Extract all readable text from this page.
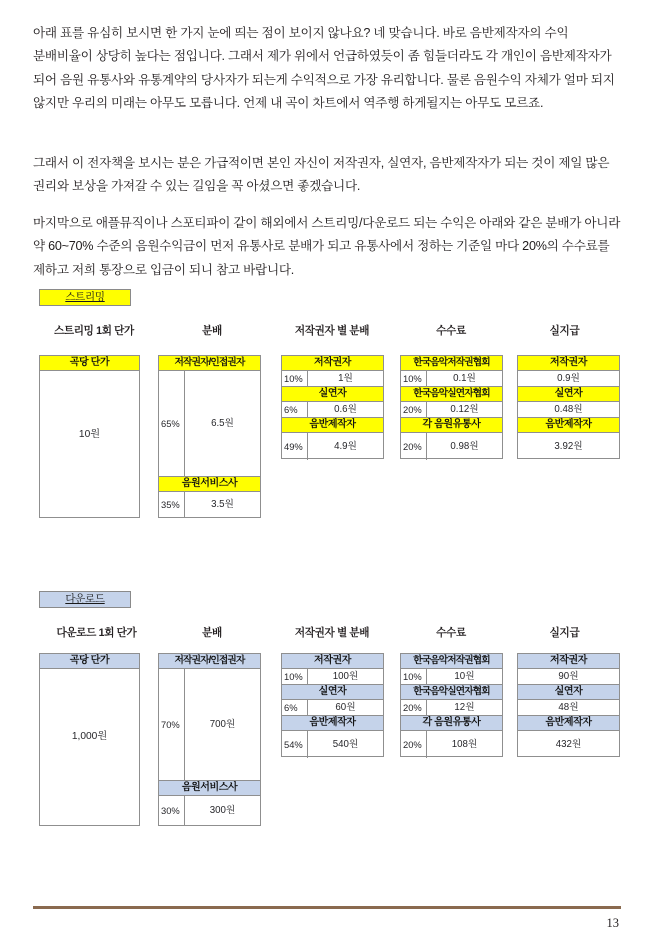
아래 표를 유심히 보시면 한 가지 눈에 띄는 점이 보이지 않나요? 네 맞습니다. 바로 음반제작자의 수익 분배비율이 상당히 높다는 점입니다. 그래서 제가 위에서 언급하였듯이 좀 힘들더라도 각 개인이 음반제작자가 되어 음원 유통사와 유통계약의 당사자가 되는게 수익적으로 가장 유리합니다. 물론 음원수익 자체가 얼마 되지 않지만 우리의 미래는 아무도 모릅니다. 언제 내 곡이 차트에서 역주행 하게될지는 아무도 모르죠.
그래서 이 전자책을 보시는 분은 가급적이면 본인 자신이 저작권자, 실연자, 음반제작자가 되는 것이 제일 많은 권리와 보상을 가져갈 수 있는 길임을 꼭 아셨으면 좋겠습니다.
마지막으로 애플뮤직이나 스포티파이 같이 해외에서 스트리밍/다운로드 되는 수익은 아래와 같은 분배가 아니라 약 60~70% 수준의 음원수익금이 먼저 유통사로 분배가 되고 유통사에서 정하는 기준일 마다 20%의 수수료를 제하고 저희 통장으로 입금이 되니 참고 바랍니다.
스트리밍
스트리밍 1회 단가	분배	저작권자 별 분배	수수료	실지급
곡당 단가
10원
저작권자/인접권자
65%	6.5원
음원서비스사
35%	3.5원
저작권자
10%	1원
실연자
6%	0.6원
음반제작자
49%	4.9원
한국음악저작권협회
10%	0.1원
한국음악실연자협회
20%	0.12원
각 음원유통사
20%	0.98원
저작권자
0.9원
실연자
0.48원
음반제작자
3.92원
다운로드
다운로드 1회 단가	분배	저작권자 별 분배	수수료	실지급
곡당 단가
1,000원
저작권자/인접권자
70%	700원
음원서비스사
30%	300원
저작권자
10%	100원
실연자
6%	60원
음반제작자
54%	540원
한국음악저작권협회
10%	10원
한국음악실연자협회
20%	12원
각 음원유통사
20%	108원
저작권자
90원
실연자
48원
음반제작자
432원
13
